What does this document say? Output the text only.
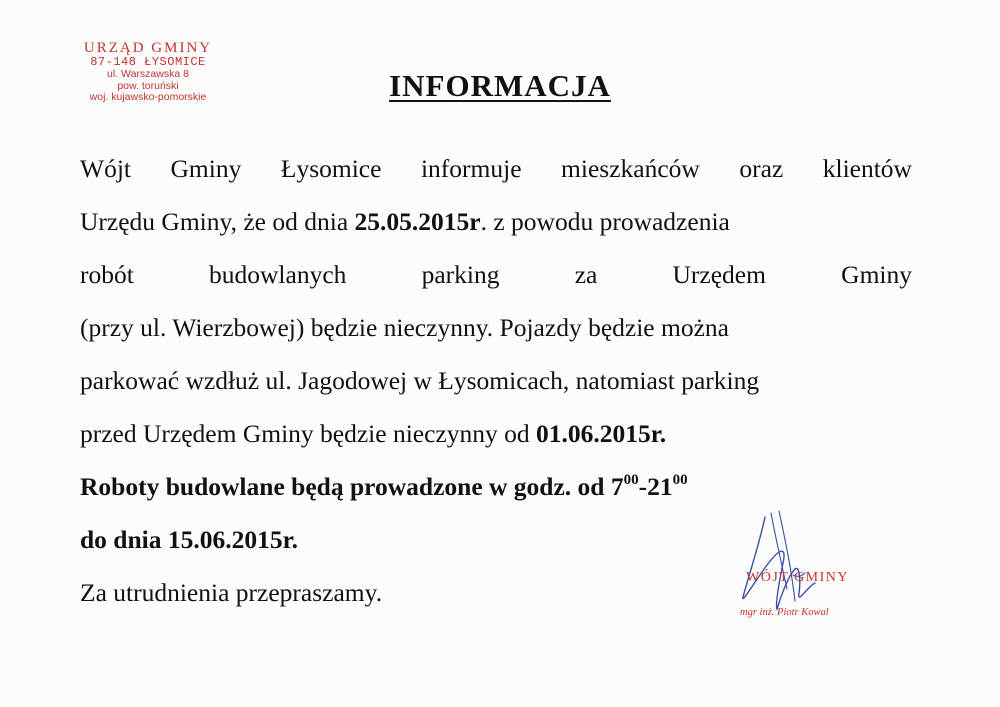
URZĄD GMINY
87-148 ŁYSOMICE
ul. Warszawska 8
pow. toruński
woj. kujawsko-pomorskie	INFORMACJA
Wójt Gminy Łysomice informuje mieszkańców oraz klientów
Urzędu Gminy, że od dnia 25.05.2015r. z powodu prowadzenia
robót	budowlanych	parking	za	Urzędem	Gminy
(przy ul. Wierzbowej) będzie nieczynny. Pojazdy będzie można
parkować wzdłuż ul. Jagodowej w Łysomicach, natomiast parking
przed Urzędem Gminy będzie nieczynny od 01.06.2015r.
Roboty budowlane będą prowadzone w godz. od $7^{00}-21^{00}$
do dnia 15.06.2015r.
Za utrudnienia przepraszamy.
WÓJT GMINY
mgr inż. Piotr Kowal
